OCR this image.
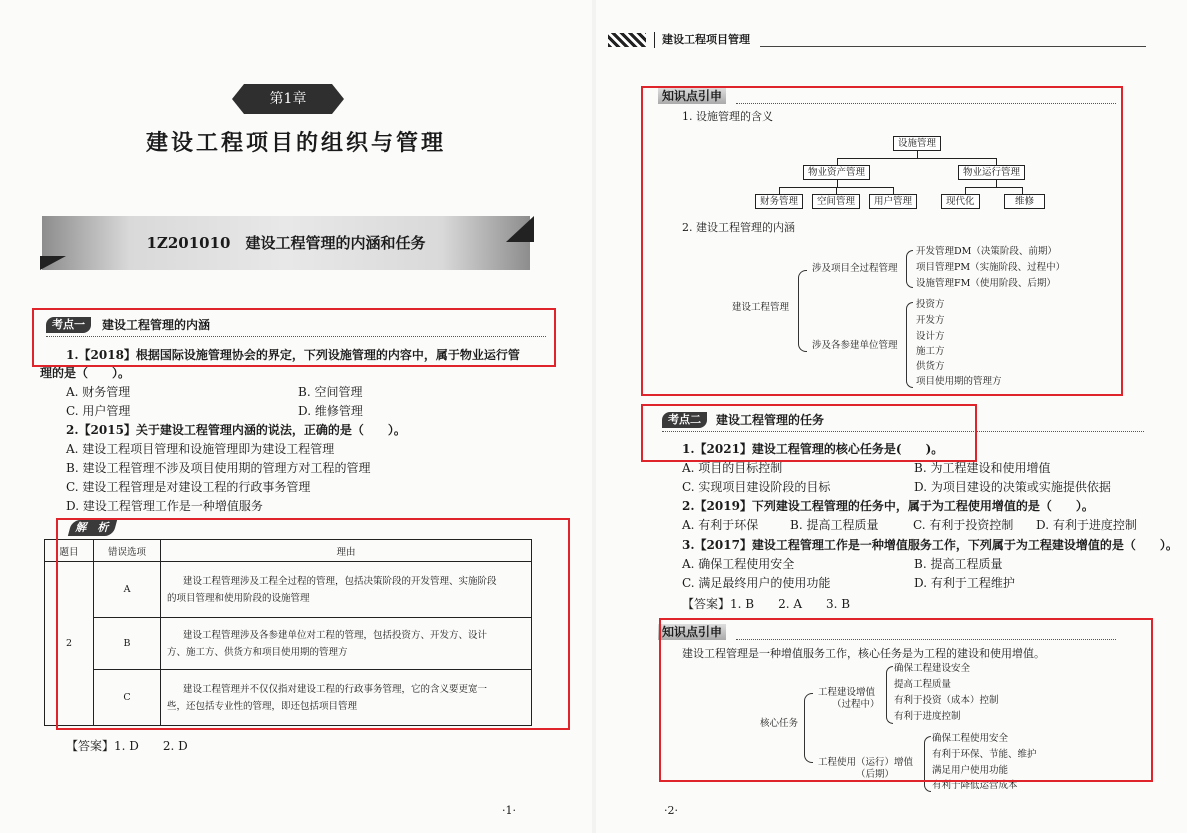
第1章
建设工程项目的组织与管理
1Z201010　 建设工程管理的内涵和任务
考点一	建设工程管理的内涵
1.【2018】根据国际设施管理协会的界定，下列设施管理的内容中，属于物业运行管
理的是（　　）。
A. 财务管理	B. 空间管理
C. 用户管理	D. 维修管理
2.【2015】关于建设工程管理内涵的说法，正确的是（　　）。
A. 建设工程项目管理和设施管理即为建设工程管理
B. 建设工程管理不涉及项目使用期的管理方对工程的管理
C. 建设工程管理是对建设工程的行政事务管理
D. 建设工程管理工作是一种增值服务
解　析
题目	错误选项	理由
2	A	建设工程管理涉及工程全过程的管理，包括决策阶段的开发管理、实施阶段
的项目管理和使用阶段的设施管理

	B	建设工程管理涉及各参建单位对工程的管理，包括投资方、开发方、设计
方、施工方、供货方和项目使用期的管理方

	C	建设工程管理并不仅仅指对建设工程的行政事务管理，它的含义要更宽一
些，还包括专业性的管理，即还包括项目管理
【答案】1. D　　2. D
·1·
建设工程项目管理
知识点引申
1. 设施管理的含义
设施管理
物业资产管理	物业运行管理
财务管理	空间管理	用户管理	现代化	维修
2. 建设工程管理的内涵
建设工程管理
涉及项目全过程管理
开发管理DM（决策阶段、前期）
项目管理PM（实施阶段、过程中）
设施管理FM（使用阶段、后期）
涉及各参建单位管理
投资方
开发方
设计方
施工方
供货方
项目使用期的管理方
考点二	建设工程管理的任务
1.【2021】建设工程管理的核心任务是(　　)。
A. 项目的目标控制	B. 为工程建设和使用增值
C. 实现项目建设阶段的目标	D. 为项目建设的决策或实施提供依据
2.【2019】下列建设工程管理的任务中，属于为工程使用增值的是（　　）。
A. 有利于环保	B. 提高工程质量	C. 有利于投资控制 D. 有利于进度控制
3.【2017】建设工程管理工作是一种增值服务工作，下列属于为工程建设增值的是（　　）。
A. 确保工程使用安全	B. 提高工程质量
C. 满足最终用户的使用功能	D. 有利于工程维护
【答案】1. B　　2. A　　3. B
知识点引申
建设工程管理是一种增值服务工作，核心任务是为工程的建设和使用增值。
核心任务
工程建设增值
（过程中）
确保工程建设安全
提高工程质量
有利于投资（成本）控制
有利于进度控制
工程使用（运行）增值
（后期）
确保工程使用安全
有利于环保、节能、维护
满足用户使用功能
有利于降低运营成本
·2·
